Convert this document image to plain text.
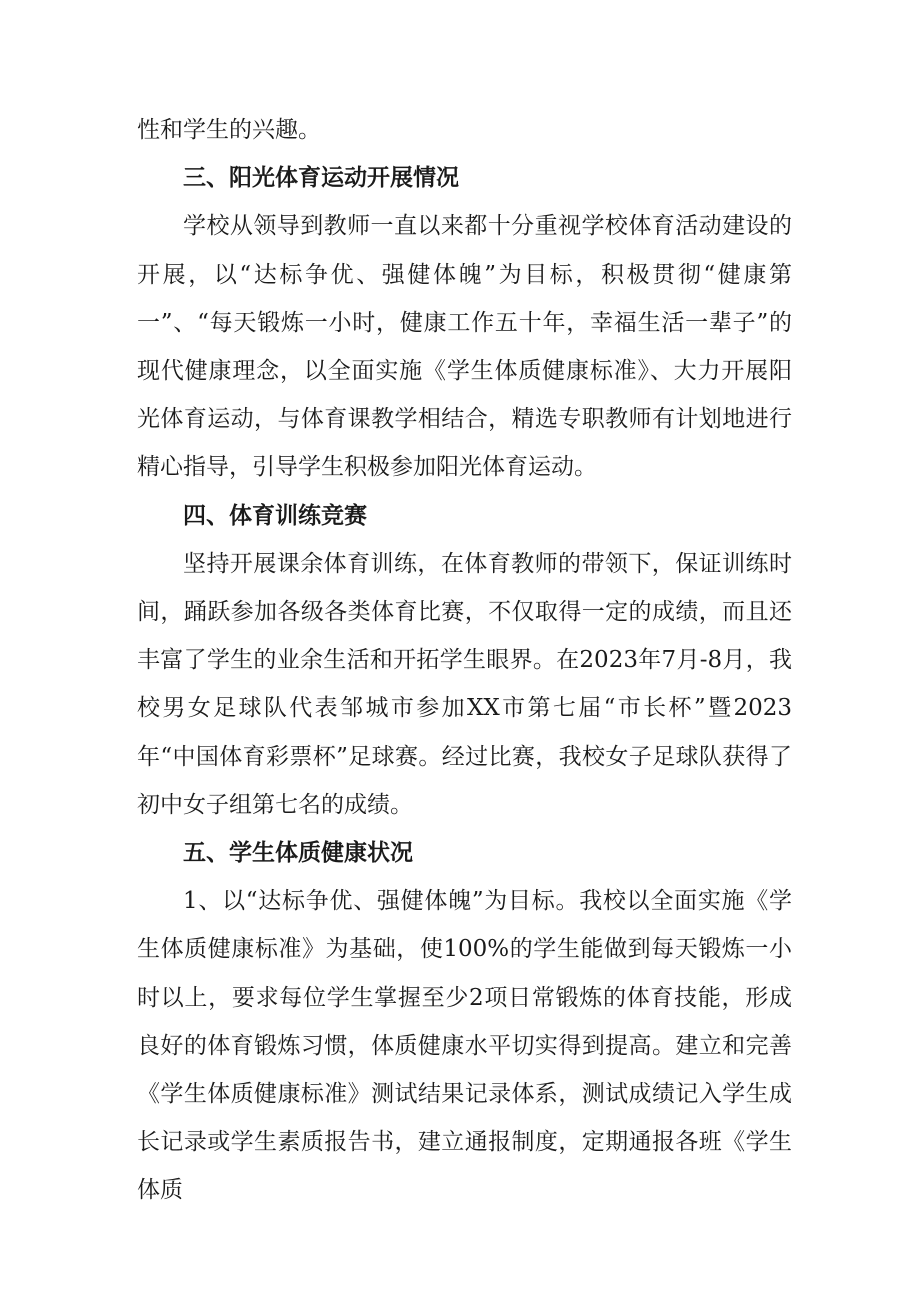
性和学生的兴趣。

三、阳光体育运动开展情况

学校从领导到教师一直以来都十分重视学校体育活动建设的开展，以“达标争优、强健体魄”为目标，积极贯彻“健康第一”、“每天锻炼一小时，健康工作五十年，幸福生活一辈子”的现代健康理念，以全面实施《学生体质健康标准》、大力开展阳光体育运动，与体育课教学相结合，精选专职教师有计划地进行精心指导，引导学生积极参加阳光体育运动。

四、体育训练竞赛

坚持开展课余体育训练，在体育教师的带领下，保证训练时间，踊跃参加各级各类体育比赛，不仅取得一定的成绩，而且还丰富了学生的业余生活和开拓学生眼界。在2023年7月-8月，我校男女足球队代表邹城市参加XX市第七届“市长杯”暨2023年“中国体育彩票杯”足球赛。经过比赛，我校女子足球队获得了初中女子组第七名的成绩。

五、学生体质健康状况

1、以“达标争优、强健体魄”为目标。我校以全面实施《学生体质健康标准》为基础，使100%的学生能做到每天锻炼一小时以上，要求每位学生掌握至少2项日常锻炼的体育技能，形成良好的体育锻炼习惯，体质健康水平切实得到提高。建立和完善《学生体质健康标准》测试结果记录体系，测试成绩记入学生成长记录或学生素质报告书，建立通报制度，定期通报各班《学生体质
